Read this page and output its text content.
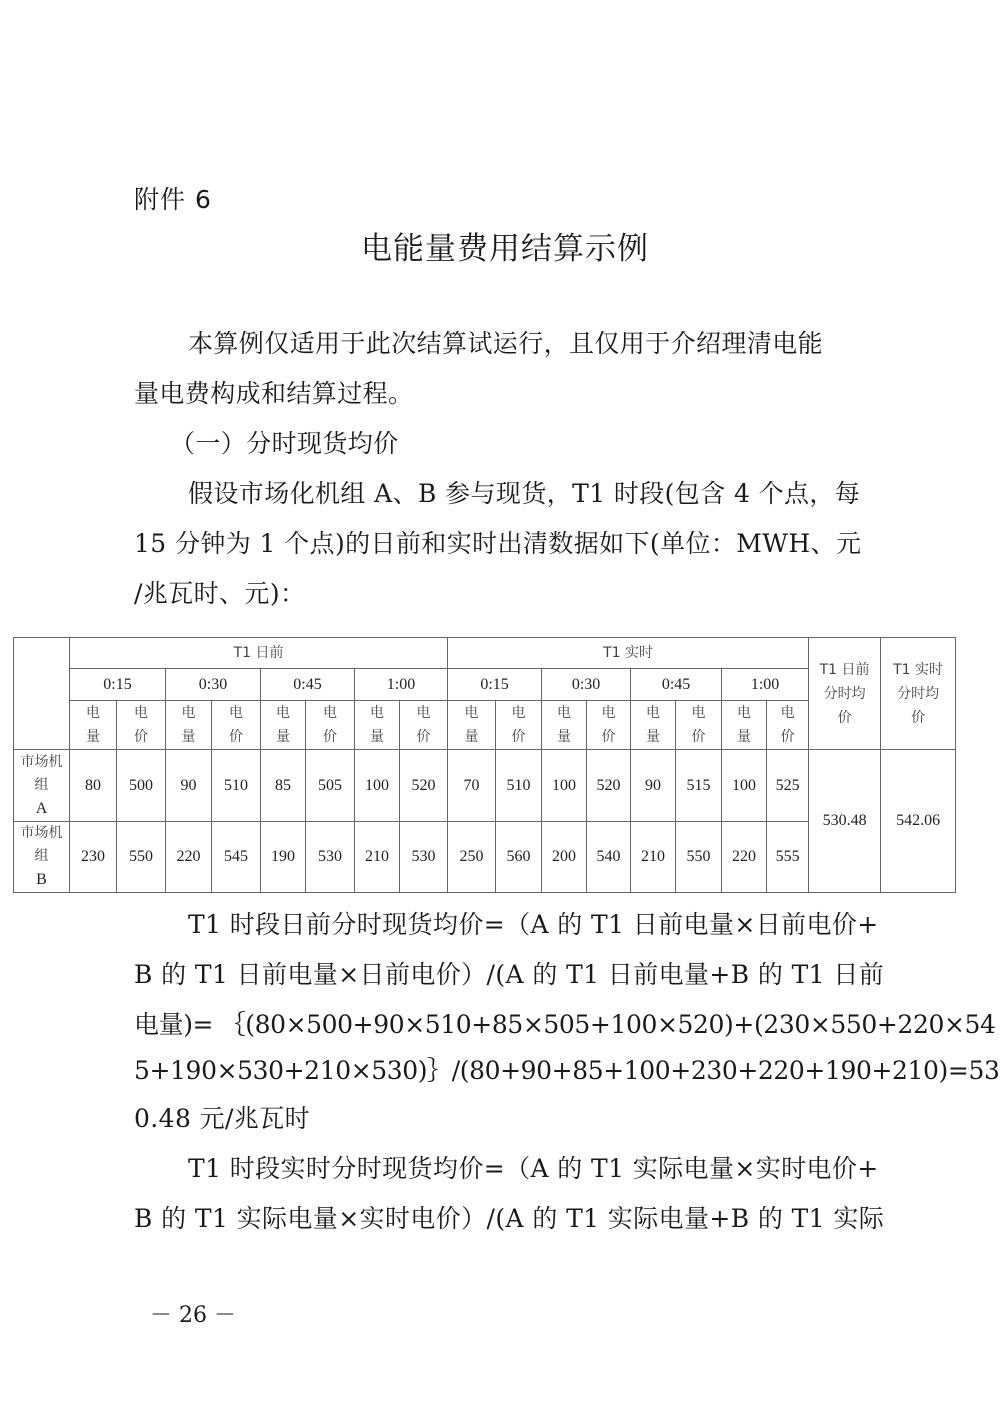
附件 6
电能量费用结算示例
本算例仅适用于此次结算试运行，且仅用于介绍理清电能
量电费构成和结算过程。
（一）分时现货均价
假设市场化机组 A、B 参与现货，T1 时段(包含 4 个点，每
15 分钟为 1 个点)的日前和实时出清数据如下(单位：MWH、元
/兆瓦时、元)：
	T1 日前								T1 实时								T1 日前分时均价	T1 实时分时均价
	0:15		0:30		0:45		1:00		0:15		0:30		0:45		1:00			
	电量	电价	电量	电价	电量	电价	电量	电价	电量	电价	电量	电价	电量	电价	电量	电价		
市场机组
A	80	500	90	510	85	505	100	520	70	510	100	520	90	515	100	525	530.48	542.06
市场机组
B	230	550	220	545	190	530	210	530	250	560	200	540	210	550	220	555		
T1 时段日前分时现货均价=（A 的 T1 日前电量×日前电价+
B 的 T1 日前电量×日前电价）/(A 的 T1 日前电量+B 的 T1 日前
电量)= ｛(80×500+90×510+85×505+100×520)+(230×550+220×54
5+190×530+210×530)｝/(80+90+85+100+230+220+190+210)=53
0.48 元/兆瓦时
T1 时段实时分时现货均价=（A 的 T1 实际电量×实时电价+
B 的 T1 实际电量×实时电价）/(A 的 T1 实际电量+B 的 T1 实际
－ 26 －
